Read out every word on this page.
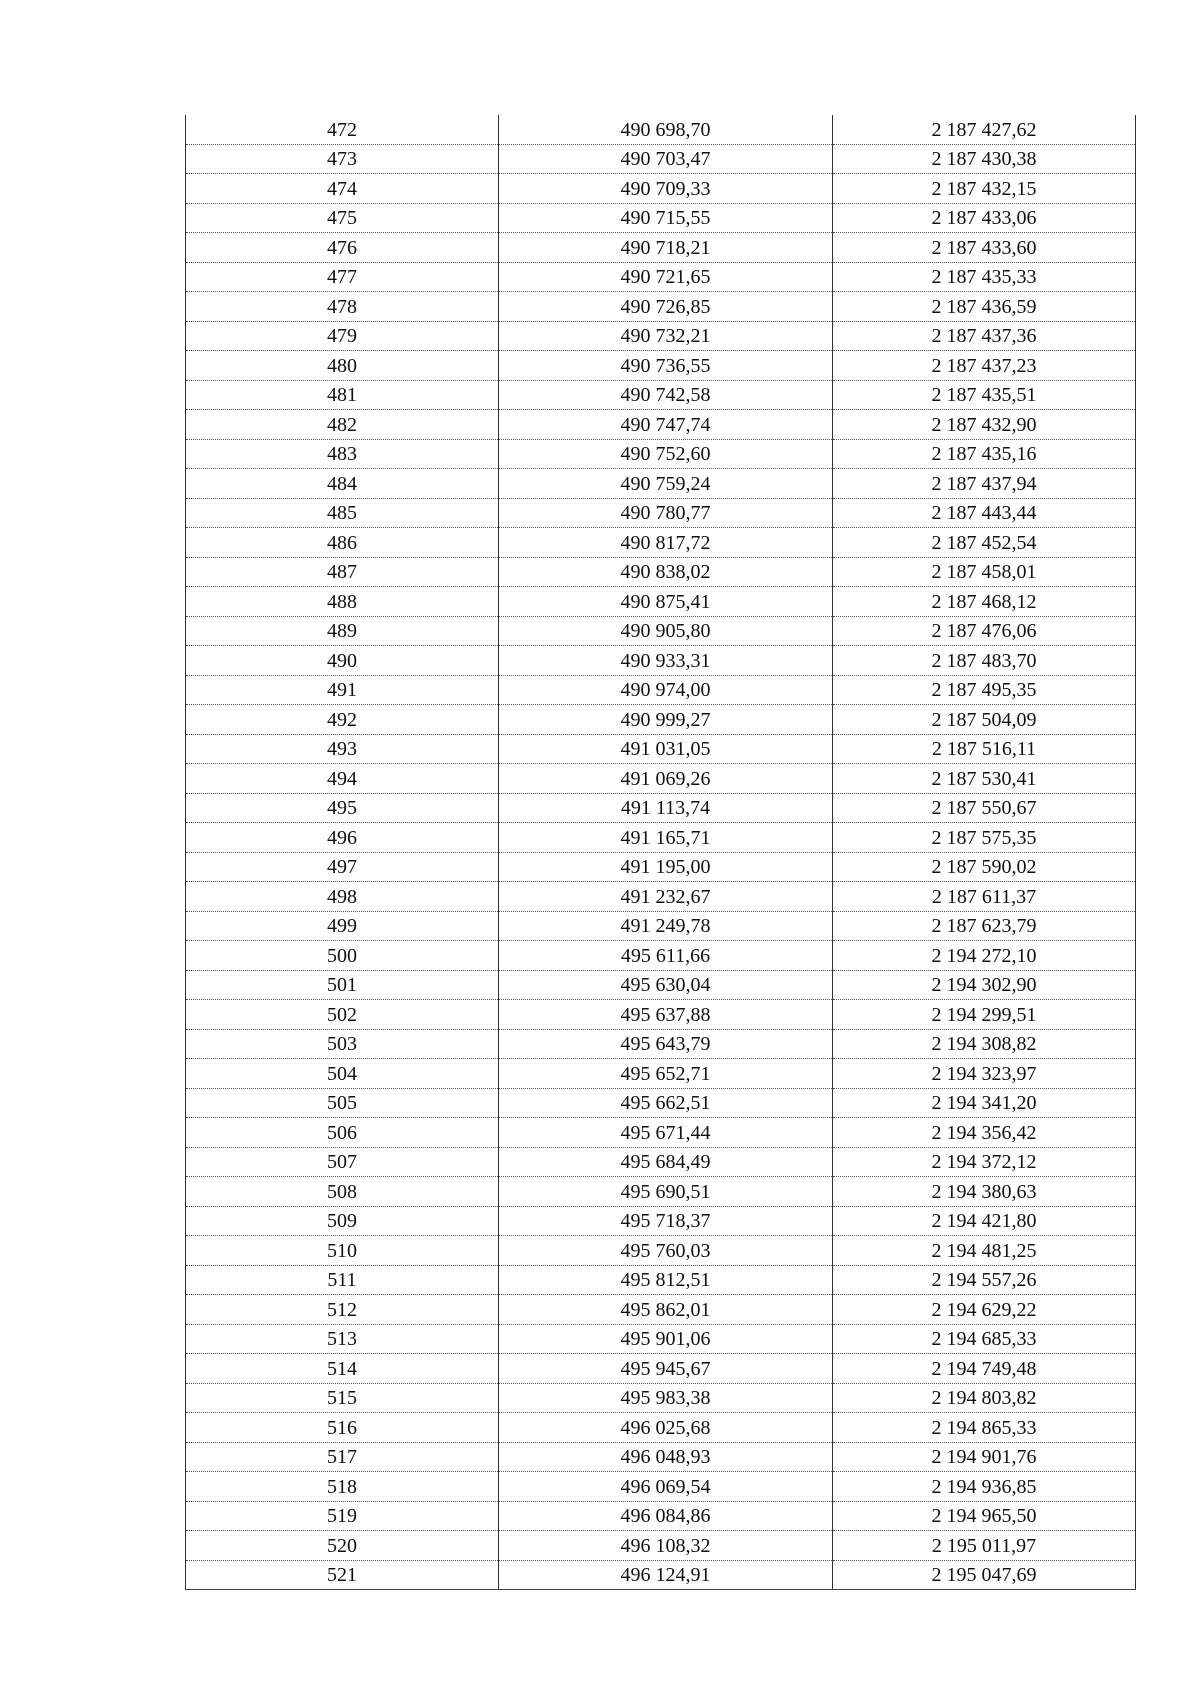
472	490 698,70	2 187 427,62
473	490 703,47	2 187 430,38
474	490 709,33	2 187 432,15
475	490 715,55	2 187 433,06
476	490 718,21	2 187 433,60
477	490 721,65	2 187 435,33
478	490 726,85	2 187 436,59
479	490 732,21	2 187 437,36
480	490 736,55	2 187 437,23
481	490 742,58	2 187 435,51
482	490 747,74	2 187 432,90
483	490 752,60	2 187 435,16
484	490 759,24	2 187 437,94
485	490 780,77	2 187 443,44
486	490 817,72	2 187 452,54
487	490 838,02	2 187 458,01
488	490 875,41	2 187 468,12
489	490 905,80	2 187 476,06
490	490 933,31	2 187 483,70
491	490 974,00	2 187 495,35
492	490 999,27	2 187 504,09
493	491 031,05	2 187 516,11
494	491 069,26	2 187 530,41
495	491 113,74	2 187 550,67
496	491 165,71	2 187 575,35
497	491 195,00	2 187 590,02
498	491 232,67	2 187 611,37
499	491 249,78	2 187 623,79
500	495 611,66	2 194 272,10
501	495 630,04	2 194 302,90
502	495 637,88	2 194 299,51
503	495 643,79	2 194 308,82
504	495 652,71	2 194 323,97
505	495 662,51	2 194 341,20
506	495 671,44	2 194 356,42
507	495 684,49	2 194 372,12
508	495 690,51	2 194 380,63
509	495 718,37	2 194 421,80
510	495 760,03	2 194 481,25
511	495 812,51	2 194 557,26
512	495 862,01	2 194 629,22
513	495 901,06	2 194 685,33
514	495 945,67	2 194 749,48
515	495 983,38	2 194 803,82
516	496 025,68	2 194 865,33
517	496 048,93	2 194 901,76
518	496 069,54	2 194 936,85
519	496 084,86	2 194 965,50
520	496 108,32	2 195 011,97
521	496 124,91	2 195 047,69
